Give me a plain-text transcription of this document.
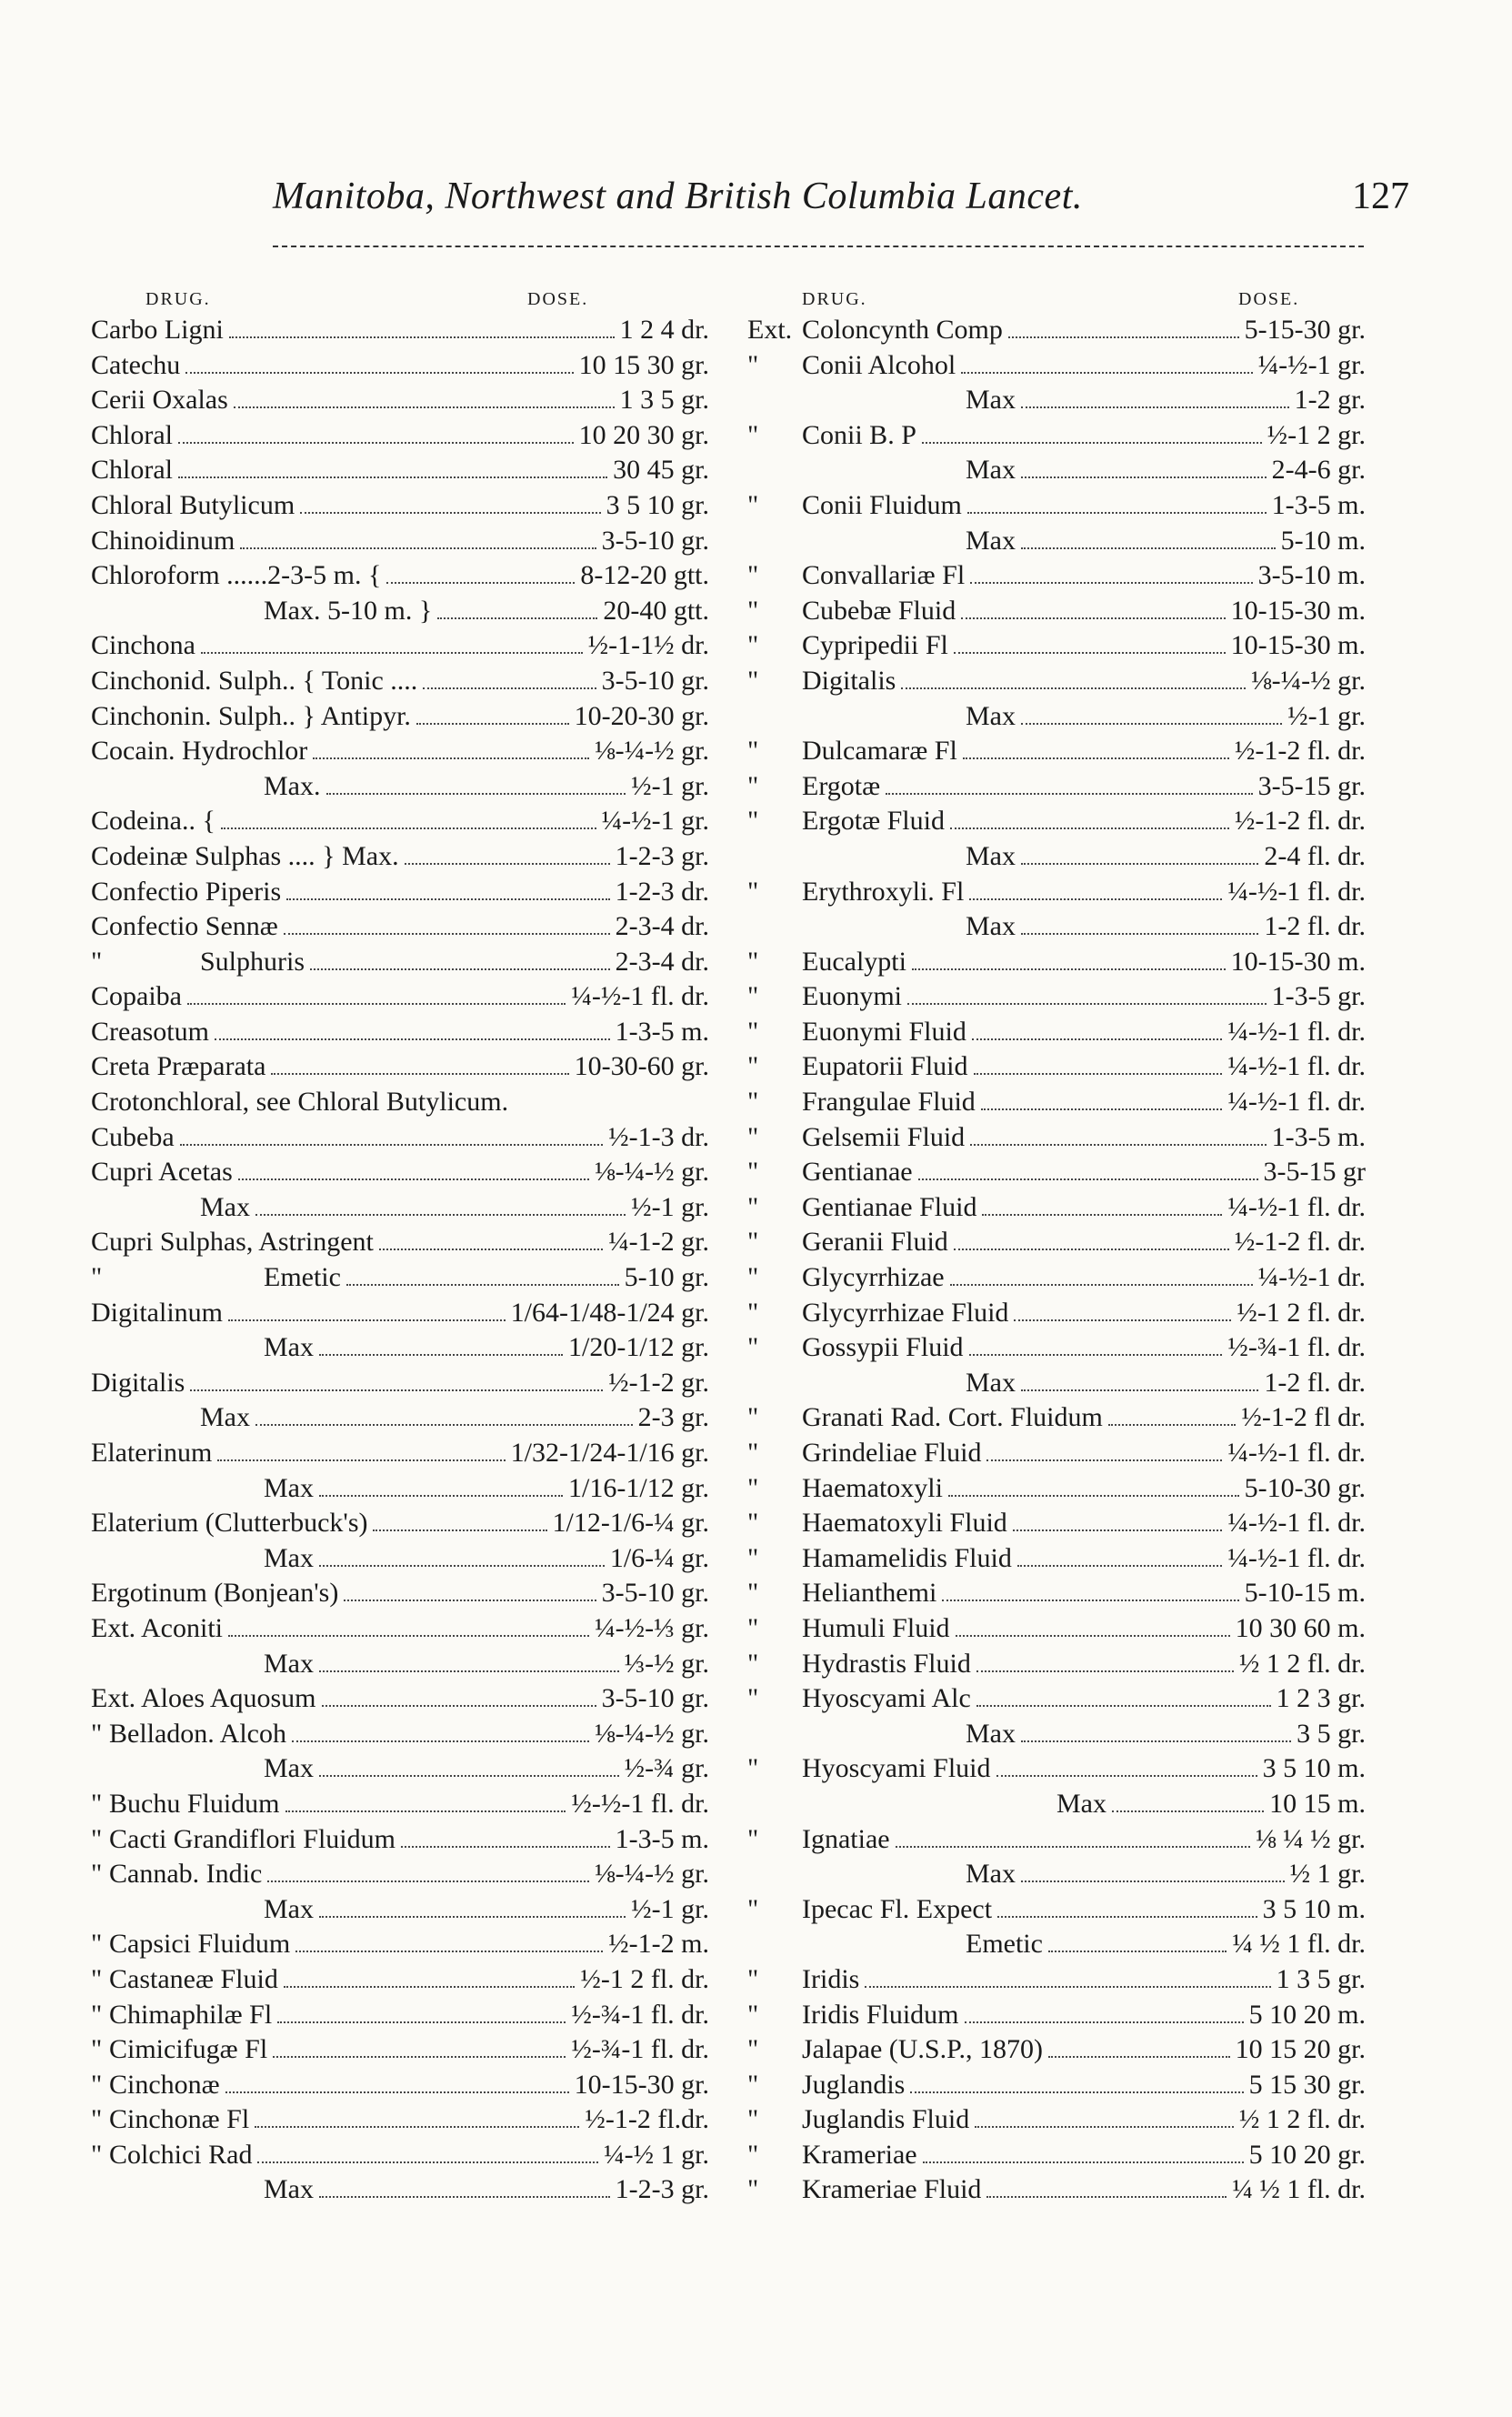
Manitoba, Northwest and British Columbia Lancet.	127
DRUG.	DOSE.
Carbo Ligni	1 2 4 dr.
Catechu	10 15 30 gr.
Cerii Oxalas	1 3 5 gr.
Chloral	10 20 30 gr.
Chloral	30 45 gr.
Chloral Butylicum	3 5 10 gr.
Chinoidinum	3-5-10 gr.
Chloroform ......2-3-5 m. {	8-12-20 gtt.
Max. 5-10 m. }	20-40 gtt.
Cinchona	½-1-1½ dr.
Cinchonid. Sulph.. { Tonic ....	3-5-10 gr.
Cinchonin. Sulph.. } Antipyr.	10-20-30 gr.
Cocain. Hydrochlor	⅛-¼-½ gr.
Max.	½-1 gr.
Codeina.. {	¼-½-1 gr.
Codeinæ Sulphas .... } Max.	1-2-3 gr.
Confectio Piperis	1-2-3 dr.
Confectio Sennæ	2-3-4 dr.
"	Sulphuris	2-3-4 dr.
Copaiba	¼-½-1 fl. dr.
Creasotum	1-3-5 m.
Creta Præparata	10-30-60 gr.
Crotonchloral, see Chloral Butylicum.
Cubeba	½-1-3 dr.
Cupri Acetas	⅛-¼-½ gr.
Max	½-1 gr.
Cupri Sulphas, Astringent	¼-1-2 gr.
"	Emetic	5-10 gr.
Digitalinum	1/64-1/48-1/24 gr.
Max	1/20-1/12 gr.
Digitalis	½-1-2 gr.
Max	2-3 gr.
Elaterinum	1/32-1/24-1/16 gr.
Max	1/16-1/12 gr.
Elaterium (Clutterbuck's)	1/12-1/6-¼ gr.
Max	1/6-¼ gr.
Ergotinum (Bonjean's)	3-5-10 gr.
Ext. Aconiti	¼-½-⅓ gr.
Max	⅓-½ gr.
Ext. Aloes Aquosum	3-5-10 gr.
" Belladon. Alcoh	⅛-¼-½ gr.
Max	½-¾ gr.
" Buchu Fluidum	½-½-1 fl. dr.
" Cacti Grandiflori Fluidum	1-3-5 m.
" Cannab. Indic	⅛-¼-½ gr.
Max	½-1 gr.
" Capsici Fluidum	½-1-2 m.
" Castaneæ Fluid	½-1 2 fl. dr.
" Chimaphilæ Fl	½-¾-1 fl. dr.
" Cimicifugæ Fl	½-¾-1 fl. dr.
" Cinchonæ	10-15-30 gr.
" Cinchonæ Fl	½-1-2 fl.dr.
" Colchici Rad	¼-½ 1 gr.
Max	1-2-3 gr.
DRUG.	DOSE.
Ext. Coloncynth Comp	5-15-30 gr.
"	Conii Alcohol	¼-½-1 gr.
Max	1-2 gr.
"	Conii B. P	½-1 2 gr.
Max	2-4-6 gr.
"	Conii Fluidum	1-3-5 m.
Max	5-10 m.
"	Convallariæ Fl	3-5-10 m.
"	Cubebæ Fluid	10-15-30 m.
"	Cypripedii Fl	10-15-30 m.
"	Digitalis	⅛-¼-½ gr.
Max	½-1 gr.
"	Dulcamaræ Fl	½-1-2 fl. dr.
"	Ergotæ	3-5-15 gr.
"	Ergotæ Fluid	½-1-2 fl. dr.
Max	2-4 fl. dr.
"	Erythroxyli. Fl	¼-½-1 fl. dr.
Max	1-2 fl. dr.
"	Eucalypti	10-15-30 m.
"	Euonymi	1-3-5 gr.
"	Euonymi Fluid	¼-½-1 fl. dr.
"	Eupatorii Fluid	¼-½-1 fl. dr.
"	Frangulae Fluid	¼-½-1 fl. dr.
"	Gelsemii Fluid	1-3-5 m.
"	Gentianae	3-5-15 gr
"	Gentianae Fluid	¼-½-1 fl. dr.
"	Geranii Fluid	½-1-2 fl. dr.
"	Glycyrrhizae	¼-½-1 dr.
"	Glycyrrhizae Fluid	½-1 2 fl. dr.
"	Gossypii Fluid	½-¾-1 fl. dr.
Max	1-2 fl. dr.
"	Granati Rad. Cort. Fluidum	½-1-2 fl dr.
"	Grindeliae Fluid	¼-½-1 fl. dr.
"	Haematoxyli	5-10-30 gr.
"	Haematoxyli Fluid	¼-½-1 fl. dr.
"	Hamamelidis Fluid	¼-½-1 fl. dr.
"	Helianthemi	5-10-15 m.
"	Humuli Fluid	10 30 60 m.
"	Hydrastis Fluid	½ 1 2 fl. dr.
"	Hyoscyami Alc	1 2 3 gr.
Max	3 5 gr.
"	Hyoscyami Fluid	3 5 10 m.
Max	10 15 m.
"	Ignatiae	⅛ ¼ ½ gr.
Max	½ 1 gr.
"	Ipecac Fl. Expect	3 5 10 m.
Emetic	¼ ½ 1 fl. dr.
"	Iridis	1 3 5 gr.
"	Iridis Fluidum	5 10 20 m.
"	Jalapae (U.S.P., 1870)	10 15 20 gr.
"	Juglandis	5 15 30 gr.
"	Juglandis Fluid	½ 1 2 fl. dr.
"	Krameriae	5 10 20 gr.
"	Krameriae Fluid	¼ ½ 1 fl. dr.
